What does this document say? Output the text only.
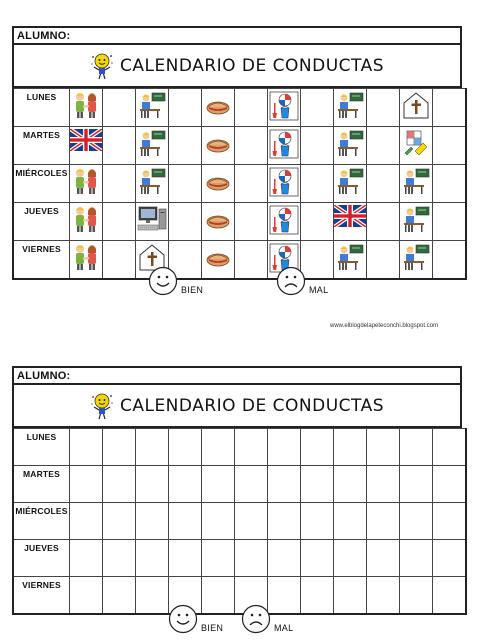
ALUMNO:
CALENDARIO DE CONDUCTAS
LUNES	

MARTES	

MIÉRCOLES	

JUEVES	

VIERNES	

BIEN	MAL
www.elblogdelapeteconchi.blogspot.com
ALUMNO:
CALENDARIO DE CONDUCTAS
LUNES												
MARTES												
MIÉRCOLES												
JUEVES												
VIERNES												
BIEN	MAL
